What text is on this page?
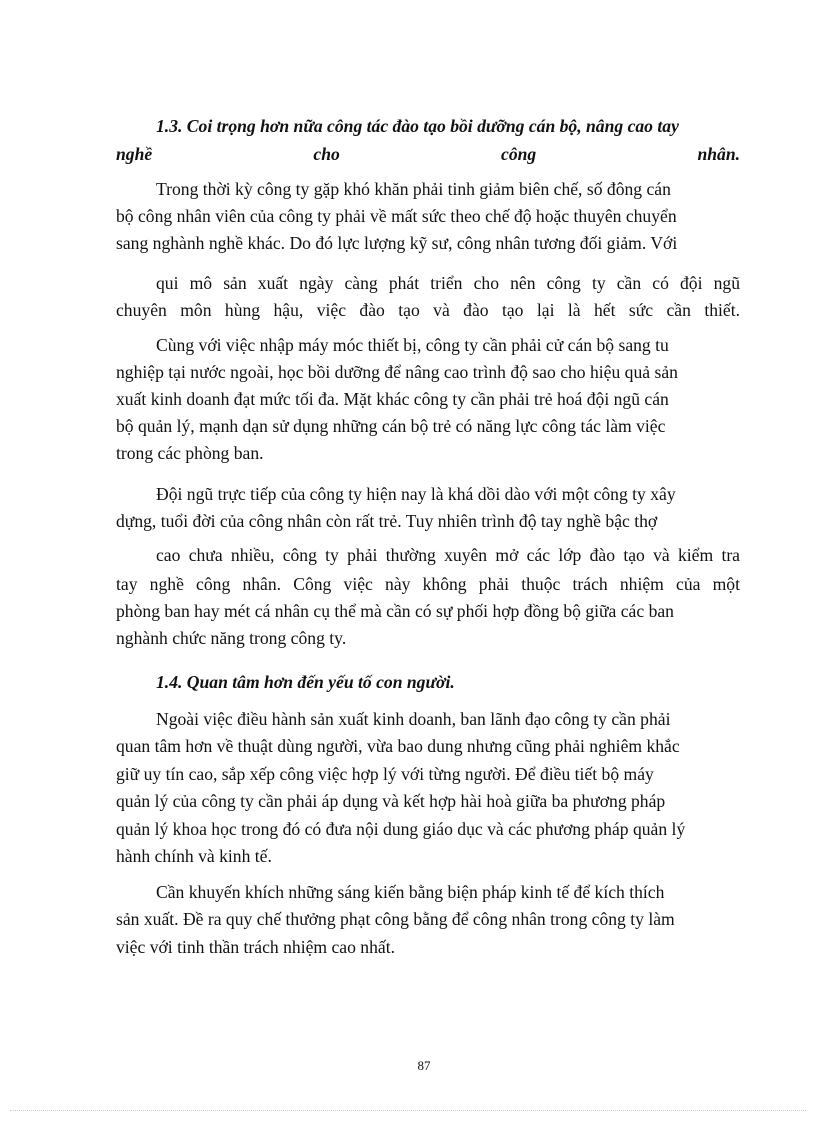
1.3. Coi trọng hơn nữa công tác đào tạo bồi dưỡng cán bộ, nâng cao tay
nghề cho công nhân.
Trong thời kỳ công ty gặp khó khăn phải tinh giảm biên chế, số đông cán
bộ công nhân viên của công ty phải về mất sức theo chế độ hoặc thuyên chuyển
sang nghành nghề khác. Do đó lực lượng kỹ sư, công nhân tương đối giảm. Với
qui mô sản xuất ngày càng phát triển cho nên công ty cần có đội ngũ
chuyên môn hùng hậu, việc đào tạo và đào tạo lại là hết sức cần thiết.
Cùng với việc nhập máy móc thiết bị, công ty cần phải cử cán bộ sang tu
nghiệp tại nước ngoài, học bồi dưỡng để nâng cao trình độ sao cho hiệu quả sản
xuất kinh doanh đạt mức tối đa. Mặt khác công ty cần phải trẻ hoá đội ngũ cán
bộ quản lý, mạnh dạn sử dụng những cán bộ trẻ có năng lực công tác làm việc
trong các phòng ban.
Đội ngũ trực tiếp của công ty hiện nay là khá dồi dào với một công ty xây
dựng, tuổi đời của công nhân còn rất trẻ. Tuy nhiên trình độ tay nghề bậc thợ
cao chưa nhiều, công ty phải thường xuyên mở các lớp đào tạo và kiểm tra
tay nghề công nhân. Công việc này không phải thuộc trách nhiệm của một
phòng ban hay mét cá nhân cụ thể mà cần có sự phối hợp đồng bộ giữa các ban
nghành chức năng trong công ty.
1.4. Quan tâm hơn đến yếu tố con người.
Ngoài việc điều hành sản xuất kinh doanh, ban lãnh đạo công ty cần phải
quan tâm hơn về thuật dùng người, vừa bao dung nhưng cũng phải nghiêm khắc
giữ uy tín cao, sắp xếp công việc hợp lý với từng người. Để điều tiết bộ máy
quản lý của công ty cần phải áp dụng và kết hợp hài hoà giữa ba phương pháp
quản lý khoa học trong đó có đưa nội dung giáo dục và các phương pháp quản lý
hành chính và kinh tế.
Cần khuyến khích những sáng kiến bằng biện pháp kinh tế để kích thích
sản xuất. Đề ra quy chế thưởng phạt công bằng để công nhân trong công ty làm
việc với tinh thần trách nhiệm cao nhất.
87
